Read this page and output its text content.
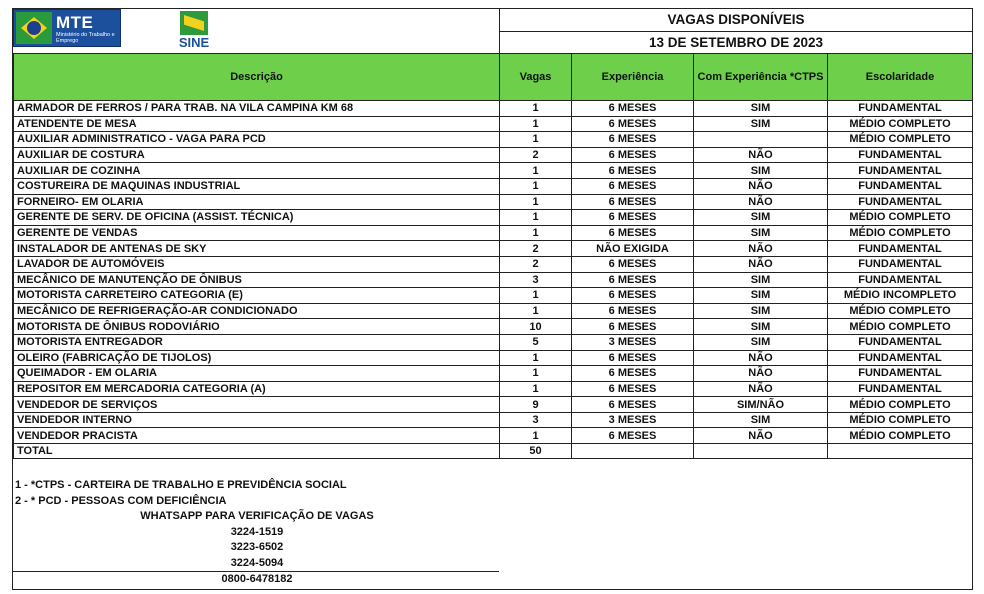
MTE
Ministério do Trabalho e Emprego	SINE
VAGAS DISPONÍVEIS
13 DE SETEMBRO DE 2023
Descrição	Vagas	Experiência	Com Experiência *CTPS	Escolaridade
ARMADOR DE FERROS / PARA TRAB. NA VILA CAMPINA KM 68	1	6 MESES	SIM	FUNDAMENTAL
ATENDENTE DE MESA	1	6 MESES	SIM	MÉDIO COMPLETO
AUXILIAR ADMINISTRATICO - VAGA PARA PCD	1	6 MESES		MÉDIO COMPLETO
AUXILIAR DE COSTURA	2	6 MESES	NÃO	FUNDAMENTAL
AUXILIAR DE COZINHA	1	6 MESES	SIM	FUNDAMENTAL
COSTUREIRA DE MAQUINAS INDUSTRIAL	1	6 MESES	NÃO	FUNDAMENTAL
FORNEIRO- EM OLARIA	1	6 MESES	NÃO	FUNDAMENTAL
GERENTE DE SERV. DE OFICINA (ASSIST. TÉCNICA)	1	6 MESES	SIM	MÉDIO COMPLETO
GERENTE DE VENDAS	1	6 MESES	SIM	MÉDIO COMPLETO
INSTALADOR DE ANTENAS DE SKY	2	NÃO EXIGIDA	NÃO	FUNDAMENTAL
LAVADOR DE AUTOMÓVEIS	2	6 MESES	NÃO	FUNDAMENTAL
MECÂNICO DE MANUTENÇÃO DE ÔNIBUS	3	6 MESES	SIM	FUNDAMENTAL
MOTORISTA CARRETEIRO CATEGORIA (E)	1	6 MESES	SIM	MÉDIO INCOMPLETO
MECÂNICO DE REFRIGERAÇÃO-AR CONDICIONADO	1	6 MESES	SIM	MÉDIO COMPLETO
MOTORISTA DE ÔNIBUS RODOVIÁRIO	10	6 MESES	SIM	MÉDIO COMPLETO
MOTORISTA ENTREGADOR	5	3 MESES	SIM	FUNDAMENTAL
OLEIRO (FABRICAÇÃO DE TIJOLOS)	1	6 MESES	NÃO	FUNDAMENTAL
QUEIMADOR - EM OLARIA	1	6 MESES	NÃO	FUNDAMENTAL
REPOSITOR EM MERCADORIA CATEGORIA (A)	1	6 MESES	NÃO	FUNDAMENTAL
VENDEDOR DE SERVIÇOS	9	6 MESES	SIM/NÃO	MÉDIO COMPLETO
VENDEDOR INTERNO	3	3 MESES	SIM	MÉDIO COMPLETO
VENDEDOR PRACISTA	1	6 MESES	NÃO	MÉDIO COMPLETO
TOTAL	50			
1 - *CTPS - CARTEIRA DE TRABALHO E PREVIDÊNCIA SOCIAL
2 - * PCD - PESSOAS COM DEFICIÊNCIA
WHATSAPP PARA VERIFICAÇÃO DE VAGAS
3224-1519
3223-6502
3224-5094
0800-6478182
